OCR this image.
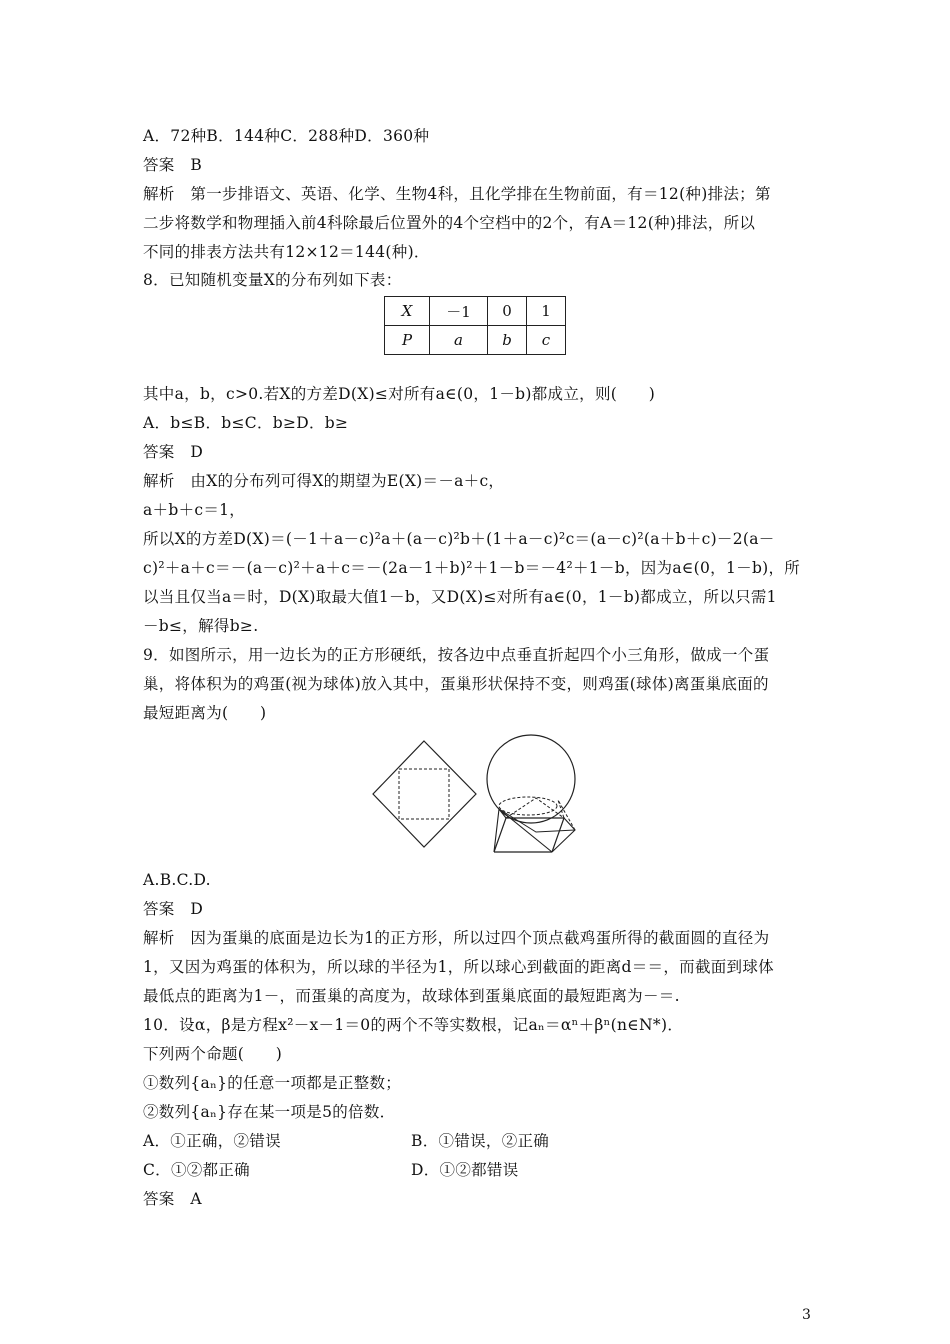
A．72种B．144种C．288种D．360种
答案　B
解析　第一步排语文、英语、化学、生物4科，且化学排在生物前面，有＝12(种)排法；第
二步将数学和物理插入前4科除最后位置外的4个空档中的2个，有A＝12(种)排法，所以
不同的排表方法共有12×12＝144(种)．
8．已知随机变量X的分布列如下表：
X	－1	0	1
P	a	b	c
其中a，b，c>0.若X的方差D(X)≤对所有a∈(0，1－b)都成立，则(　　)
A．b≤B．b≤C．b≥D．b≥
答案　D
解析　由X的分布列可得X的期望为E(X)＝－a＋c，
a＋b＋c＝1，
所以X的方差D(X)＝(－1＋a－c)²a＋(a－c)²b＋(1＋a－c)²c＝(a－c)²(a＋b＋c)－2(a－
c)²＋a＋c＝－(a－c)²＋a＋c＝－(2a－1＋b)²＋1－b＝－4²＋1－b，因为a∈(0，1－b)，所
以当且仅当a＝时，D(X)取最大值1－b，又D(X)≤对所有a∈(0，1－b)都成立，所以只需1
－b≤，解得b≥.
9．如图所示，用一边长为的正方形硬纸，按各边中点垂直折起四个小三角形，做成一个蛋
巢，将体积为的鸡蛋(视为球体)放入其中，蛋巢形状保持不变，则鸡蛋(球体)离蛋巢底面的
最短距离为(　　)
A.B.C.D.
答案　D
解析　因为蛋巢的底面是边长为1的正方形，所以过四个顶点截鸡蛋所得的截面圆的直径为
1，又因为鸡蛋的体积为，所以球的半径为1，所以球心到截面的距离d＝＝，而截面到球体
最低点的距离为1－，而蛋巢的高度为，故球体到蛋巢底面的最短距离为－＝.
10．设α，β是方程x²－x－1＝0的两个不等实数根，记aₙ＝αⁿ＋βⁿ(n∈N*)．
下列两个命题(　　)
①数列{aₙ}的任意一项都是正整数；
②数列{aₙ}存在某一项是5的倍数．
A．①正确，②错误	B．①错误，②正确
C．①②都正确	D．①②都错误
答案　A
3
